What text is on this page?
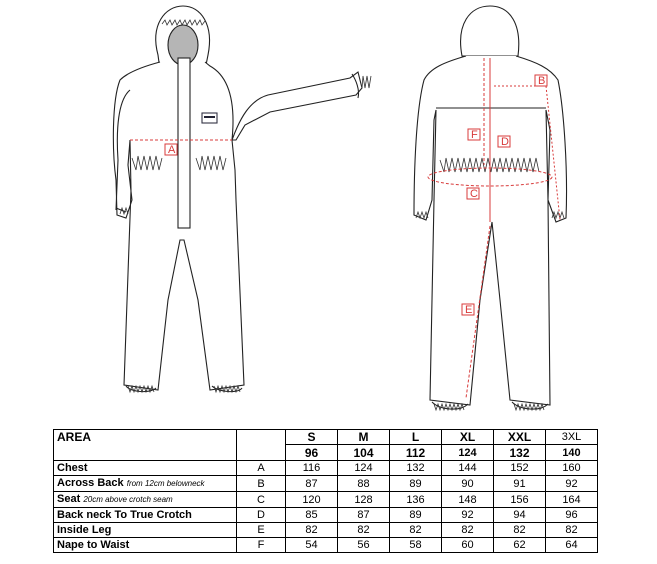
A
B
D
F
C
E
AREA		S	M	L	XL	XXL	3XL
		96	104	112	124	132	140
Chest	A	116	124	132	144	152	160
Across Back from 12cm belowneck	B	87	88	89	90	91	92
Seat 20cm above crotch seam	C	120	128	136	148	156	164
Back neck To True Crotch	D	85	87	89	92	94	96
Inside Leg	E	82	82	82	82	82	82
Nape to Waist	F	54	56	58	60	62	64
